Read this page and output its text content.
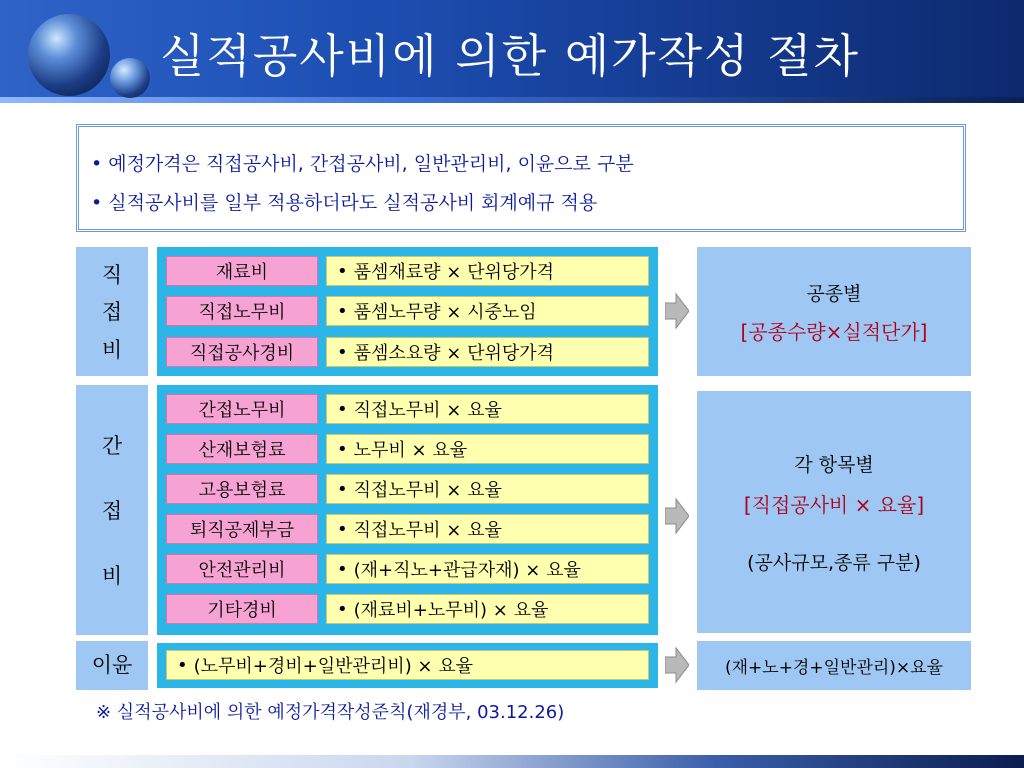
실적공사비에 의한 예가작성 절차
• 예정가격은 직접공사비, 간접공사비, 일반관리비, 이윤으로 구분
• 실적공사비를 일부 적용하더라도 실적공사비 회계예규 적용
직
접
비
재료비	• 품셈재료량 × 단위당가격
직접노무비	• 품셈노무량 × 시중노임
직접공사경비	• 품셈소요량 × 단위당가격
공종별
[공종수량×실적단가]
간
접
비
간접노무비	• 직접노무비 × 요율
산재보험료	• 노무비 × 요율
고용보험료	• 직접노무비 × 요율
퇴직공제부금	• 직접노무비 × 요율
안전관리비	• (재+직노+관급자재) × 요율
기타경비	• (재료비+노무비) × 요율
각 항목별
[직접공사비 × 요율]
(공사규모,종류 구분)
이윤	• (노무비+경비+일반관리비) × 요율	(재+노+경+일반관리)×요율
※ 실적공사비에 의한 예정가격작성준칙(재경부, 03.12.26)
